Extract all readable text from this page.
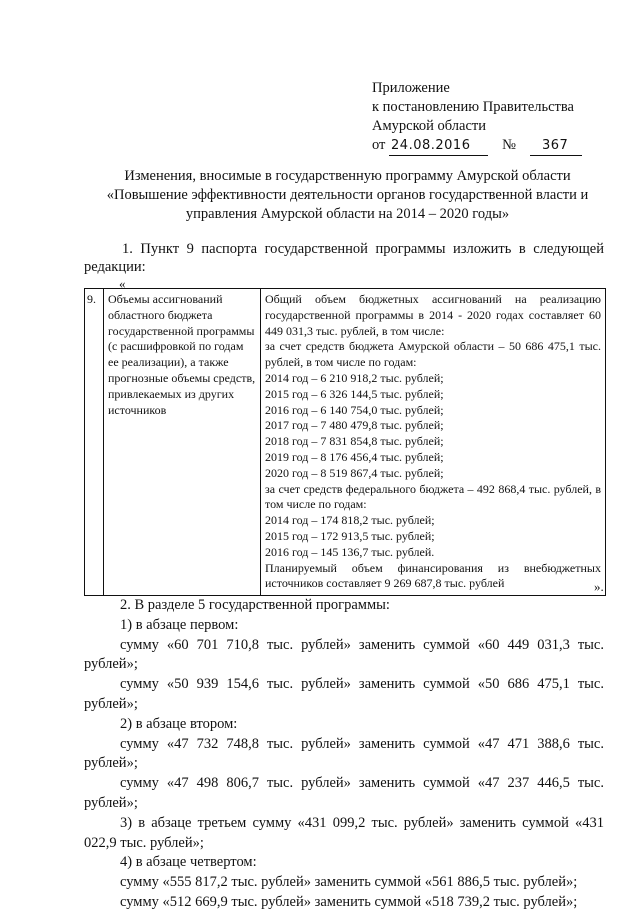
Приложение
к постановлению Правительства
Амурской области
от 24.08.2016 № 367
Изменения, вносимые в государственную программу Амурской области
«Повышение эффективности деятельности органов государственной власти и
управления Амурской области на 2014 – 2020 годы»
1. Пункт 9 паспорта государственной программы изложить в следующей редакции:
«
9.	Объемы ассигнований областного бюджета государственной программы (с расшифровкой по годам ее реализации), а также прогнозные объемы средств, привлекаемых из других источников	
Общий объем бюджетных ассигнований на реализацию государственной программы в 2014 - 2020 годах составляет 60 449 031,3 тыс. рублей, в том числе:
за счет средств бюджета Амурской области – 50 686 475,1 тыс. рублей, в том числе по годам:
2014 год – 6 210 918,2 тыс. рублей;
2015 год – 6 326 144,5 тыс. рублей;
2016 год – 6 140 754,0 тыс. рублей;
2017 год – 7 480 479,8 тыс. рублей;
2018 год – 7 831 854,8 тыс. рублей;
2019 год – 8 176 456,4 тыс. рублей;
2020 год – 8 519 867,4 тыс. рублей;
за счет средств федерального бюджета – 492 868,4 тыс. рублей, в том числе по годам:
2014 год – 174 818,2 тыс. рублей;
2015 год – 172 913,5 тыс. рублей;
2016 год – 145 136,7 тыс. рублей.
Планируемый объем финансирования из внебюджетных источников составляет 9 269 687,8 тыс. рублей	».

2. В разделе 5 государственной программы:

1) в абзаце первом:

сумму «60 701 710,8 тыс. рублей» заменить суммой «60 449 031,3 тыс. рублей»;

сумму «50 939 154,6 тыс. рублей» заменить суммой «50 686 475,1 тыс. рублей»;

2) в абзаце втором:

сумму «47 732 748,8 тыс. рублей» заменить суммой «47 471 388,6 тыс. рублей»;

сумму «47 498 806,7 тыс. рублей» заменить суммой «47 237 446,5 тыс. рублей»;

3) в абзаце третьем сумму «431 099,2 тыс. рублей» заменить суммой «431 022,9 тыс. рублей»;

4) в абзаце четвертом:

сумму «555 817,2 тыс. рублей» заменить суммой «561 886,5 тыс. рублей»;

сумму «512 669,9 тыс. рублей» заменить суммой «518 739,2 тыс. рублей»;
